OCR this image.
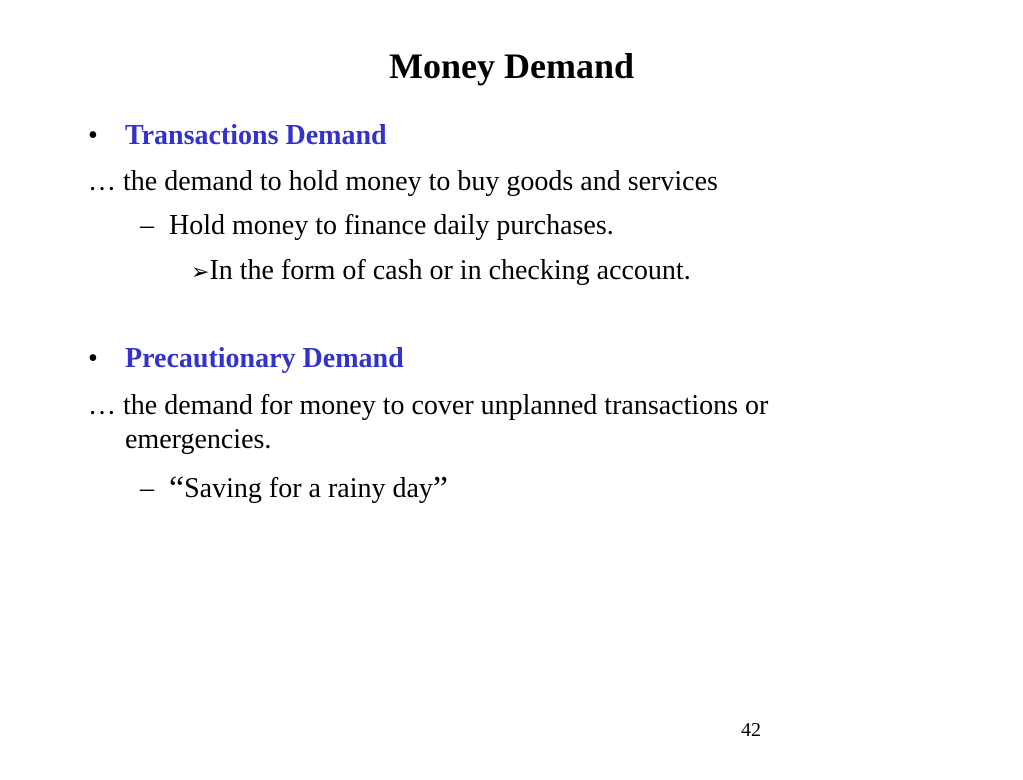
Money Demand
• Transactions Demand
… the demand to hold money to buy goods and services
– Hold money to finance daily purchases.
➢In the form of cash or in checking account.
• Precautionary Demand
… the demand for money to cover unplanned transactions or
emergencies.
– “Saving for a rainy day”
42
